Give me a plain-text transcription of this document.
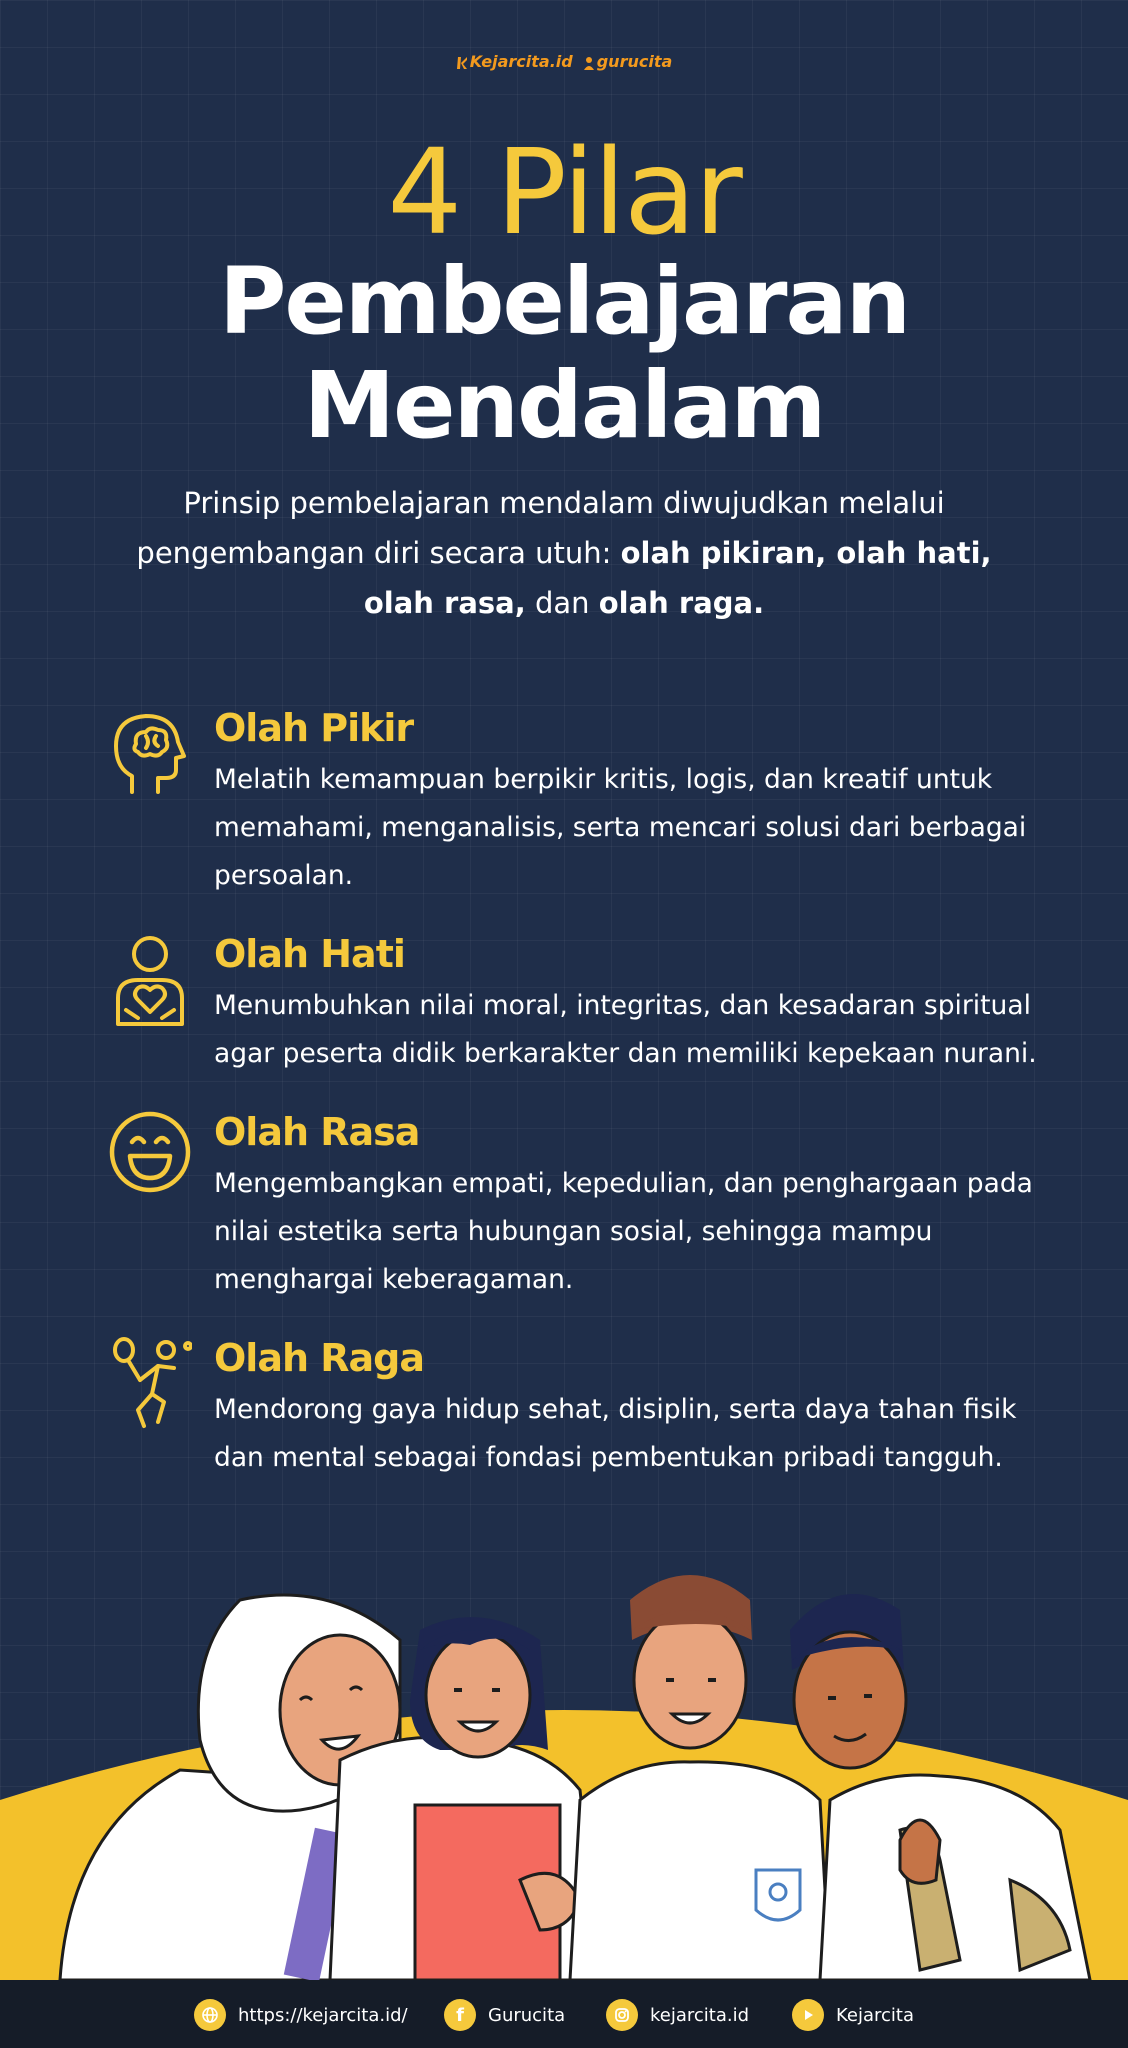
Kejarcita.id gurucita
4 Pilar
Pembelajaran
Mendalam
Prinsip pembelajaran mendalam diwujudkan melalui
pengembangan diri secara utuh: olah pikiran, olah hati,
olah rasa, dan olah raga.
Olah Pikir
Melatih kemampuan berpikir kritis, logis, dan kreatif untuk
memahami, menganalisis, serta mencari solusi dari berbagai
persoalan.
Olah Hati
Menumbuhkan nilai moral, integritas, dan kesadaran spiritual
agar peserta didik berkarakter dan memiliki kepekaan nurani.
Olah Rasa
Mengembangkan empati, kepedulian, dan penghargaan pada
nilai estetika serta hubungan sosial, sehingga mampu
menghargai keberagaman.
Olah Raga
Mendorong gaya hidup sehat, disiplin, serta daya tahan fisik
dan mental sebagai fondasi pembentukan pribadi tangguh.
https://kejarcita.id/	f	Gurucita	kejarcita.id	Kejarcita
